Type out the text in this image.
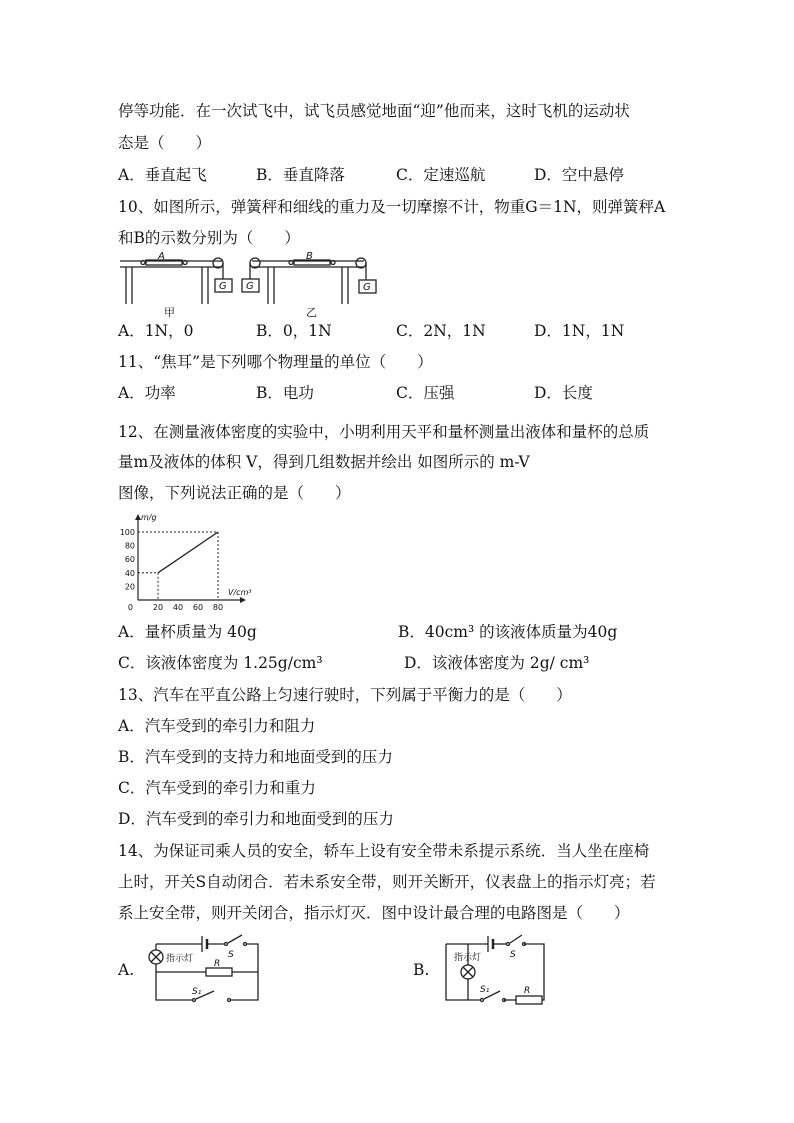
停等功能．在一次试飞中，试飞员感觉地面“迎”他而来，这时飞机的运动状
态是（　　）
A．垂直起飞	B．垂直降落	C．定速巡航	D．空中悬停
10、如图所示，弹簧秤和细线的重力及一切摩擦不计，物重G＝1N，则弹簧秤A
和B的示数分别为（　　）
A	B
G G	G
甲	乙
A．1N，0	B．0，1N	C．2N，1N	D．1N，1N
11、“焦耳”是下列哪个物理量的单位（　　）
A．功率	B．电功	C．压强	D．长度
12、在测量液体密度的实验中，小明利用天平和量杯测量出液体和量杯的总质
量m及液体的体积 V，得到几组数据并绘出 如图所示的 m-V
图像，下列说法正确的是（　　）
V/cm³
m/g
0 20 40 60 80
20
40
60
80
100
A．量杯质量为 40g	B．40cm³ 的该液体质量为40g
C．该液体密度为 1.25g/cm³	D．该液体密度为 2g/ cm³
13、汽车在平直公路上匀速行驶时，下列属于平衡力的是（　　）
A．汽车受到的牵引力和阻力
B．汽车受到的支持力和地面受到的压力
C．汽车受到的牵引力和重力
D．汽车受到的牵引力和地面受到的压力
14、为保证司乘人员的安全，轿车上设有安全带未系提示系统．当人坐在座椅
上时，开关S自动闭合．若未系安全带，则开关断开，仪表盘上的指示灯亮；若
系上安全带，则开关闭合，指示灯灭．图中设计最合理的电路图是（　　）
A.
指示灯	S
R
S₁
B.
指示灯	S
S₁	R
